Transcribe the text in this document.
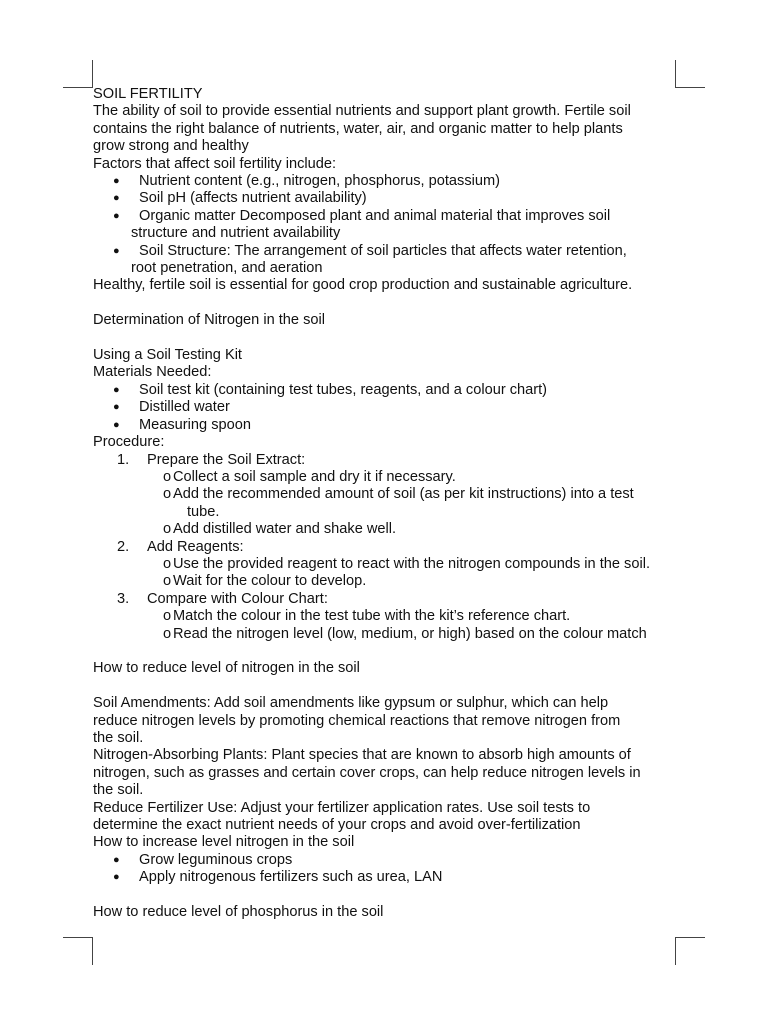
SOIL FERTILITY
The ability of soil to provide essential nutrients and support plant growth. Fertile soil
contains the right balance of nutrients, water, air, and organic matter to help plants
grow strong and healthy
Factors that affect soil fertility include:
● Nutrient content (e.g., nitrogen, phosphorus, potassium)
● Soil pH (affects nutrient availability)
● Organic matter Decomposed plant and animal material that improves soil
structure and nutrient availability
● Soil Structure: The arrangement of soil particles that affects water retention,
root penetration, and aeration
Healthy, fertile soil is essential for good crop production and sustainable agriculture.
Determination of Nitrogen in the soil
Using a Soil Testing Kit
Materials Needed:
● Soil test kit (containing test tubes, reagents, and a colour chart)
● Distilled water
● Measuring spoon
Procedure:
1. Prepare the Soil Extract:
o Collect a soil sample and dry it if necessary.
o Add the recommended amount of soil (as per kit instructions) into a test
tube.
o Add distilled water and shake well.
2. Add Reagents:
o Use the provided reagent to react with the nitrogen compounds in the soil.
o Wait for the colour to develop.
3. Compare with Colour Chart:
o Match the colour in the test tube with the kit’s reference chart.
o Read the nitrogen level (low, medium, or high) based on the colour match
How to reduce level of nitrogen in the soil
Soil Amendments: Add soil amendments like gypsum or sulphur, which can help
reduce nitrogen levels by promoting chemical reactions that remove nitrogen from
the soil.
Nitrogen-Absorbing Plants: Plant species that are known to absorb high amounts of
nitrogen, such as grasses and certain cover crops, can help reduce nitrogen levels in
the soil.
Reduce Fertilizer Use: Adjust your fertilizer application rates. Use soil tests to
determine the exact nutrient needs of your crops and avoid over-fertilization
How to increase level nitrogen in the soil
● Grow leguminous crops
● Apply nitrogenous fertilizers such as urea, LAN
How to reduce level of phosphorus in the soil
